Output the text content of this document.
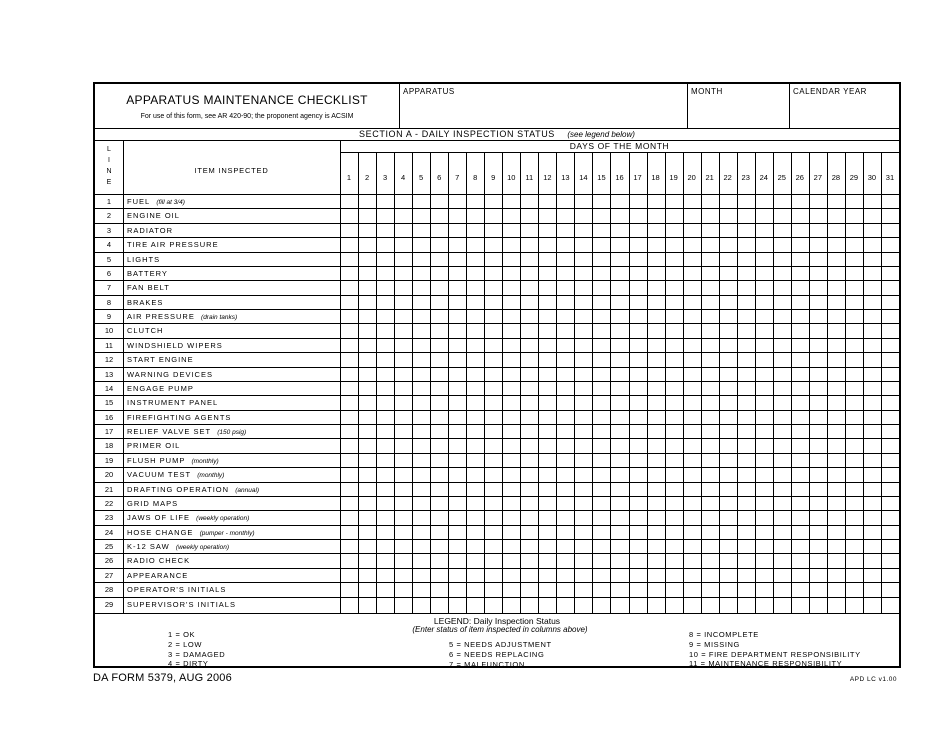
APPARATUS MAINTENANCE CHECKLIST
For use of this form, see AR 420-90; the proponent agency is ACSIM
APPARATUS	MONTH	CALENDAR YEAR
SECTION A - DAILY INSPECTION STATUS (see legend below)
L
I
N
E
ITEM INSPECTED
DAYS OF THE MONTH
1	FUEL (fill at 3/4)
2	ENGINE OIL
3	RADIATOR
4	TIRE AIR PRESSURE
5	LIGHTS
6	BATTERY
7	FAN BELT
8	BRAKES
9	AIR PRESSURE (drain tanks)
10	CLUTCH
11	WINDSHIELD WIPERS
12	START ENGINE
13	WARNING DEVICES
14	ENGAGE PUMP
15	INSTRUMENT PANEL
16	FIREFIGHTING AGENTS
17	RELIEF VALVE SET (150 psig)
18	PRIMER OIL
19	FLUSH PUMP (monthly)
20	VACUUM TEST (monthly)
21	DRAFTING OPERATION (annual)
22	GRID MAPS
23	JAWS OF LIFE (weekly operation)
24	HOSE CHANGE (pumper - monthly)
25	K-12 SAW (weekly operation)
26	RADIO CHECK
27	APPEARANCE
28	OPERATOR'S INITIALS
29	SUPERVISOR'S INITIALS
LEGEND: Daily Inspection Status
(Enter status of item inspected in columns above)
1 = OK
2 = LOW
3 = DAMAGED
4 = DIRTY
5 = NEEDS ADJUSTMENT
6 = NEEDS REPLACING
7 = MALFUNCTION
8 = INCOMPLETE
9 = MISSING
10 = FIRE DEPARTMENT RESPONSIBILITY
11 = MAINTENANCE RESPONSIBILITY
1	2	3	4	5	6	7	8	9	10	11	12	13	14	15	16	17	18	19	20	21	22	23	24	25	26	27	28	29	30	31
DA FORM 5379, AUG 2006	APD LC v1.00
